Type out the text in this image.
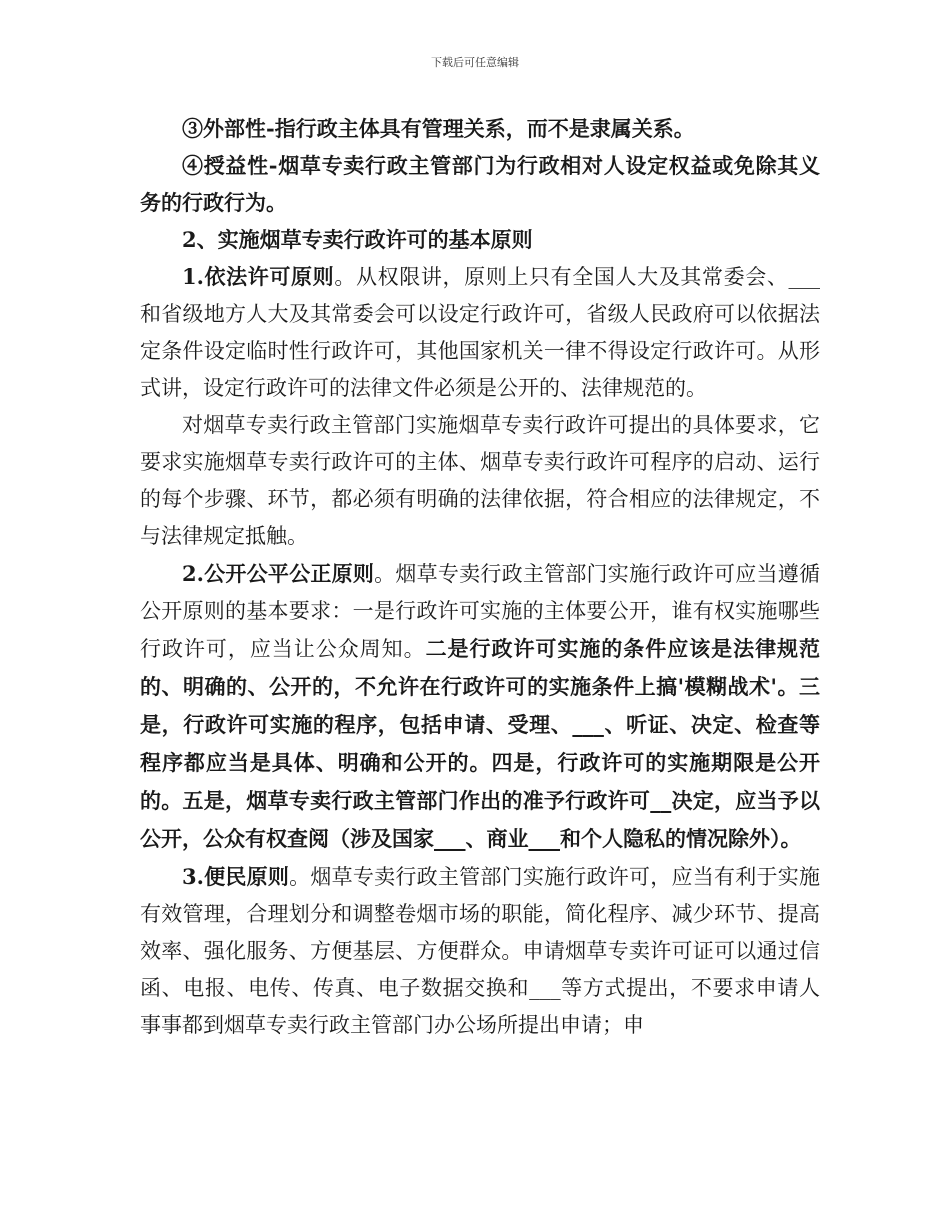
下载后可任意编辑

③外部性-指行政主体具有管理关系，而不是隶属关系。

④授益性-烟草专卖行政主管部门为行政相对人设定权益或免除其义务的行政行为。

2、实施烟草专卖行政许可的基本原则

1.依法许可原则。从权限讲，原则上只有全国人大及其常委会、___和省级地方人大及其常委会可以设定行政许可，省级人民政府可以依据法定条件设定临时性行政许可，其他国家机关一律不得设定行政许可。从形式讲，设定行政许可的法律文件必须是公开的、法律规范的。

对烟草专卖行政主管部门实施烟草专卖行政许可提出的具体要求，它要求实施烟草专卖行政许可的主体、烟草专卖行政许可程序的启动、运行的每个步骤、环节，都必须有明确的法律依据，符合相应的法律规定，不与法律规定抵触。

2.公开公平公正原则。烟草专卖行政主管部门实施行政许可应当遵循公开原则的基本要求：一是行政许可实施的主体要公开，谁有权实施哪些行政许可，应当让公众周知。二是行政许可实施的条件应该是法律规范的、明确的、公开的，不允许在行政许可的实施条件上搞'模糊战术'。三是，行政许可实施的程序，包括申请、受理、___、听证、决定、检查等程序都应当是具体、明确和公开的。四是，行政许可的实施期限是公开的。五是，烟草专卖行政主管部门作出的准予行政许可__决定，应当予以公开，公众有权查阅（涉及国家___、商业___和个人隐私的情况除外）。

3.便民原则。烟草专卖行政主管部门实施行政许可，应当有利于实施有效管理，合理划分和调整卷烟市场的职能，简化程序、减少环节、提高效率、强化服务、方便基层、方便群众。申请烟草专卖许可证可以通过信函、电报、电传、传真、电子数据交换和___等方式提出，不要求申请人事事都到烟草专卖行政主管部门办公场所提出申请；申
